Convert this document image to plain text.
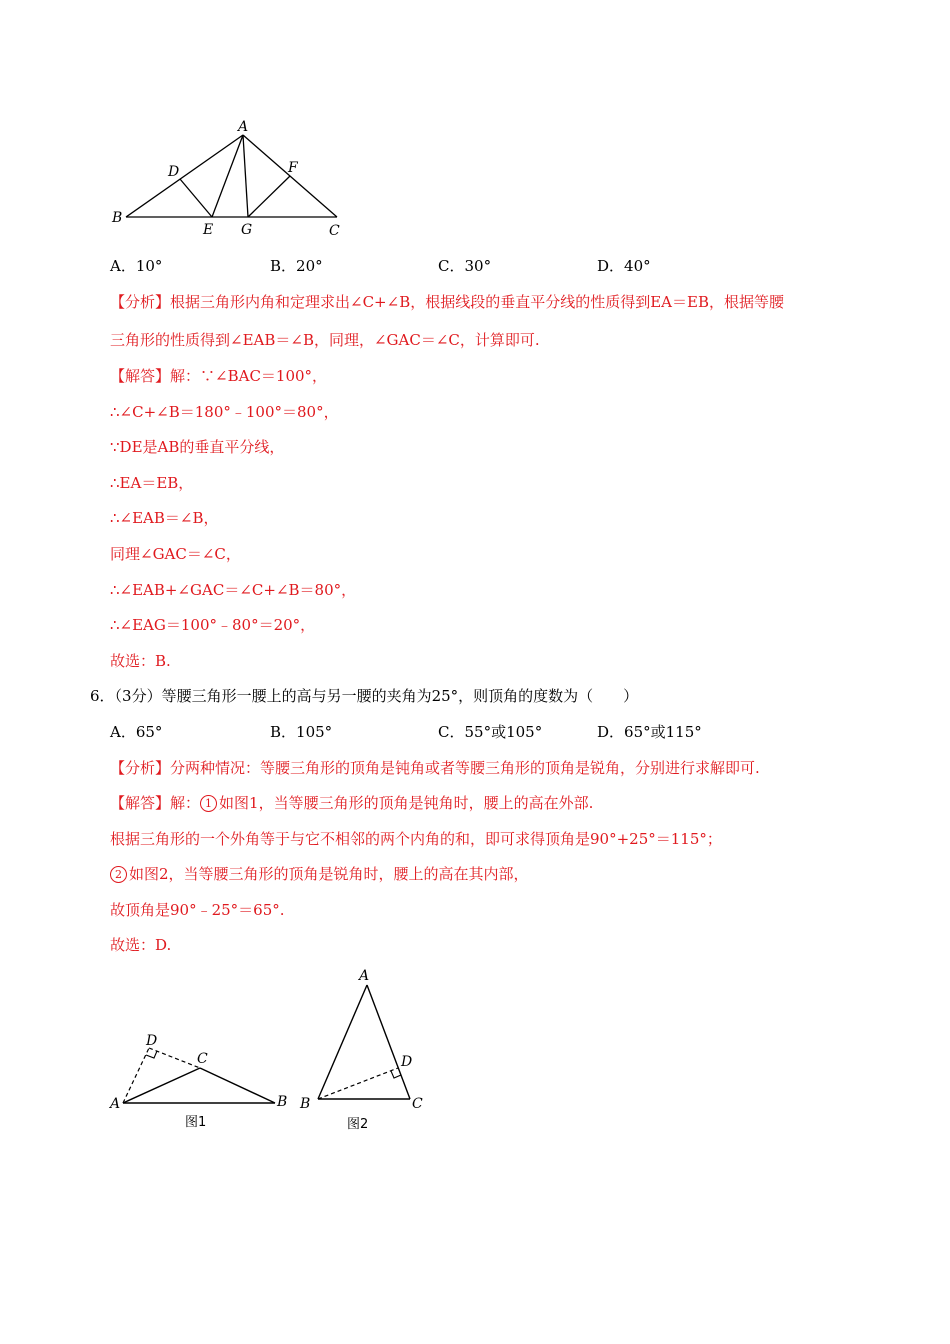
A
B
C
D
E
F
G
A．10°	B．20°	C．30°	D．40°
【分析】根据三角形内角和定理求出∠C+∠B，根据线段的垂直平分线的性质得到EA＝EB，根据等腰
三角形的性质得到∠EAB＝∠B，同理，∠GAC＝∠C，计算即可.
【解答】解：∵∠BAC＝100°，
∴∠C+∠B＝180°﹣100°＝80°，
∵DE是AB的垂直平分线，
∴EA＝EB，
∴∠EAB＝∠B，
同理∠GAC＝∠C，
∴∠EAB+∠GAC＝∠C+∠B＝80°，
∴∠EAG＝100°﹣80°＝20°，
故选：B.
6．（3分）等腰三角形一腰上的高与另一腰的夹角为25°，则顶角的度数为（　　）
A．65°	B．105°	C．55°或105°	D．65°或115°
【分析】分两种情况：等腰三角形的顶角是钝角或者等腰三角形的顶角是锐角，分别进行求解即可.
【解答】解： 1 如图1，当等腰三角形的顶角是钝角时，腰上的高在外部.
根据三角形的一个外角等于与它不相邻的两个内角的和，即可求得顶角是90°+25°＝115°；
2 如图2，当等腰三角形的顶角是锐角时，腰上的高在其内部，
故顶角是90°﹣25°＝65°.
故选：D.
A	B
C
D
图1
A
B	C
D
图2
